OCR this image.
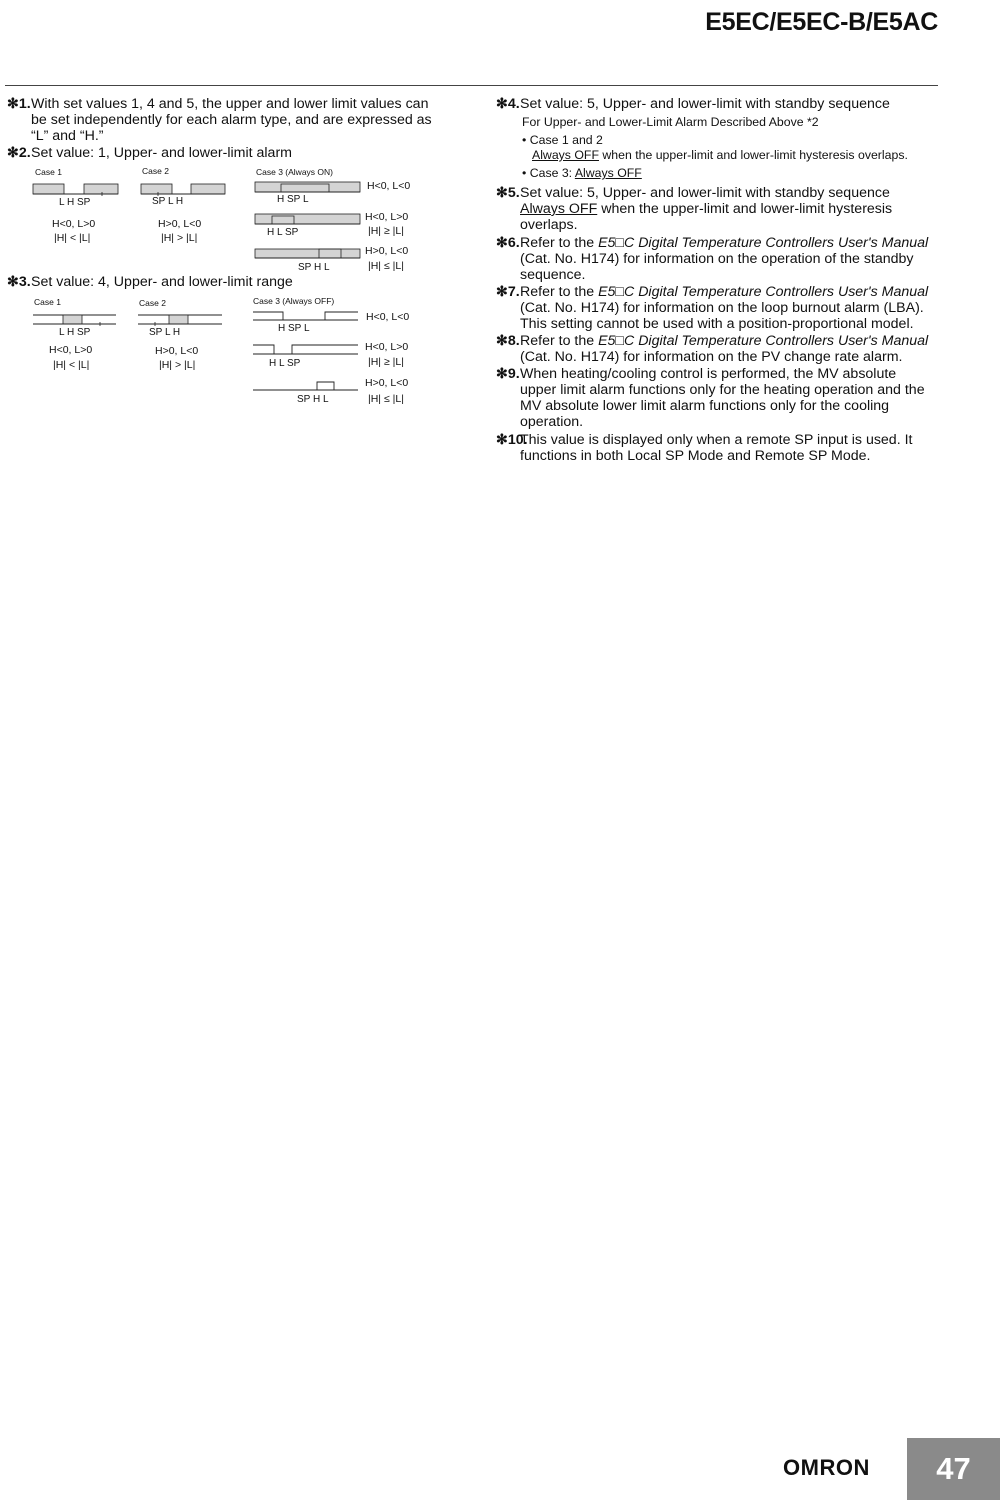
E5EC/E5EC-B/E5AC
✻1. With set values 1, 4 and 5, the upper and lower limit values can
be set independently for each alarm type, and are expressed as
“L” and “H.”
✻2. Set value: 1, Upper- and lower-limit alarm
Case 1
L H SP
H<0, L>0
|H| < |L|
Case 2
SP L H
H>0, L<0
|H| > |L|
Case 3 (Always ON)
H SP L
H<0, L<0
H L SP
H<0, L>0
|H| ≥ |L|
SP H L
H>0, L<0
|H| ≤ |L|
✻3. Set value: 4, Upper- and lower-limit range
Case 1
L H SP
H<0, L>0
|H| < |L|
Case 2
SP L H
H>0, L<0
|H| > |L|
Case 3 (Always OFF)
H SP L
H<0, L<0
H L SP
H<0, L>0
|H| ≥ |L|
SP H L
H>0, L<0
|H| ≤ |L|
✻4. Set value: 5, Upper- and lower-limit with standby sequence
For Upper- and Lower-Limit Alarm Described Above *2
• Case 1 and 2
Always OFF when the upper-limit and lower-limit hysteresis overlaps.
• Case 3: Always OFF
✻5. Set value: 5, Upper- and lower-limit with standby sequence
Always OFF when the upper-limit and lower-limit hysteresis
overlaps.
✻6. Refer to the E5□C Digital Temperature Controllers User's Manual
(Cat. No. H174) for information on the operation of the standby
sequence.
✻7. Refer to the E5□C Digital Temperature Controllers User's Manual
(Cat. No. H174) for information on the loop burnout alarm (LBA).
This setting cannot be used with a position-proportional model.
✻8. Refer to the E5□C Digital Temperature Controllers User's Manual
(Cat. No. H174) for information on the PV change rate alarm.
✻9. When heating/cooling control is performed, the MV absolute
upper limit alarm functions only for the heating operation and the
MV absolute lower limit alarm functions only for the cooling
operation.
✻10.
This value is displayed only when a remote SP input is used. It
functions in both Local SP Mode and Remote SP Mode.
OMRON	47
